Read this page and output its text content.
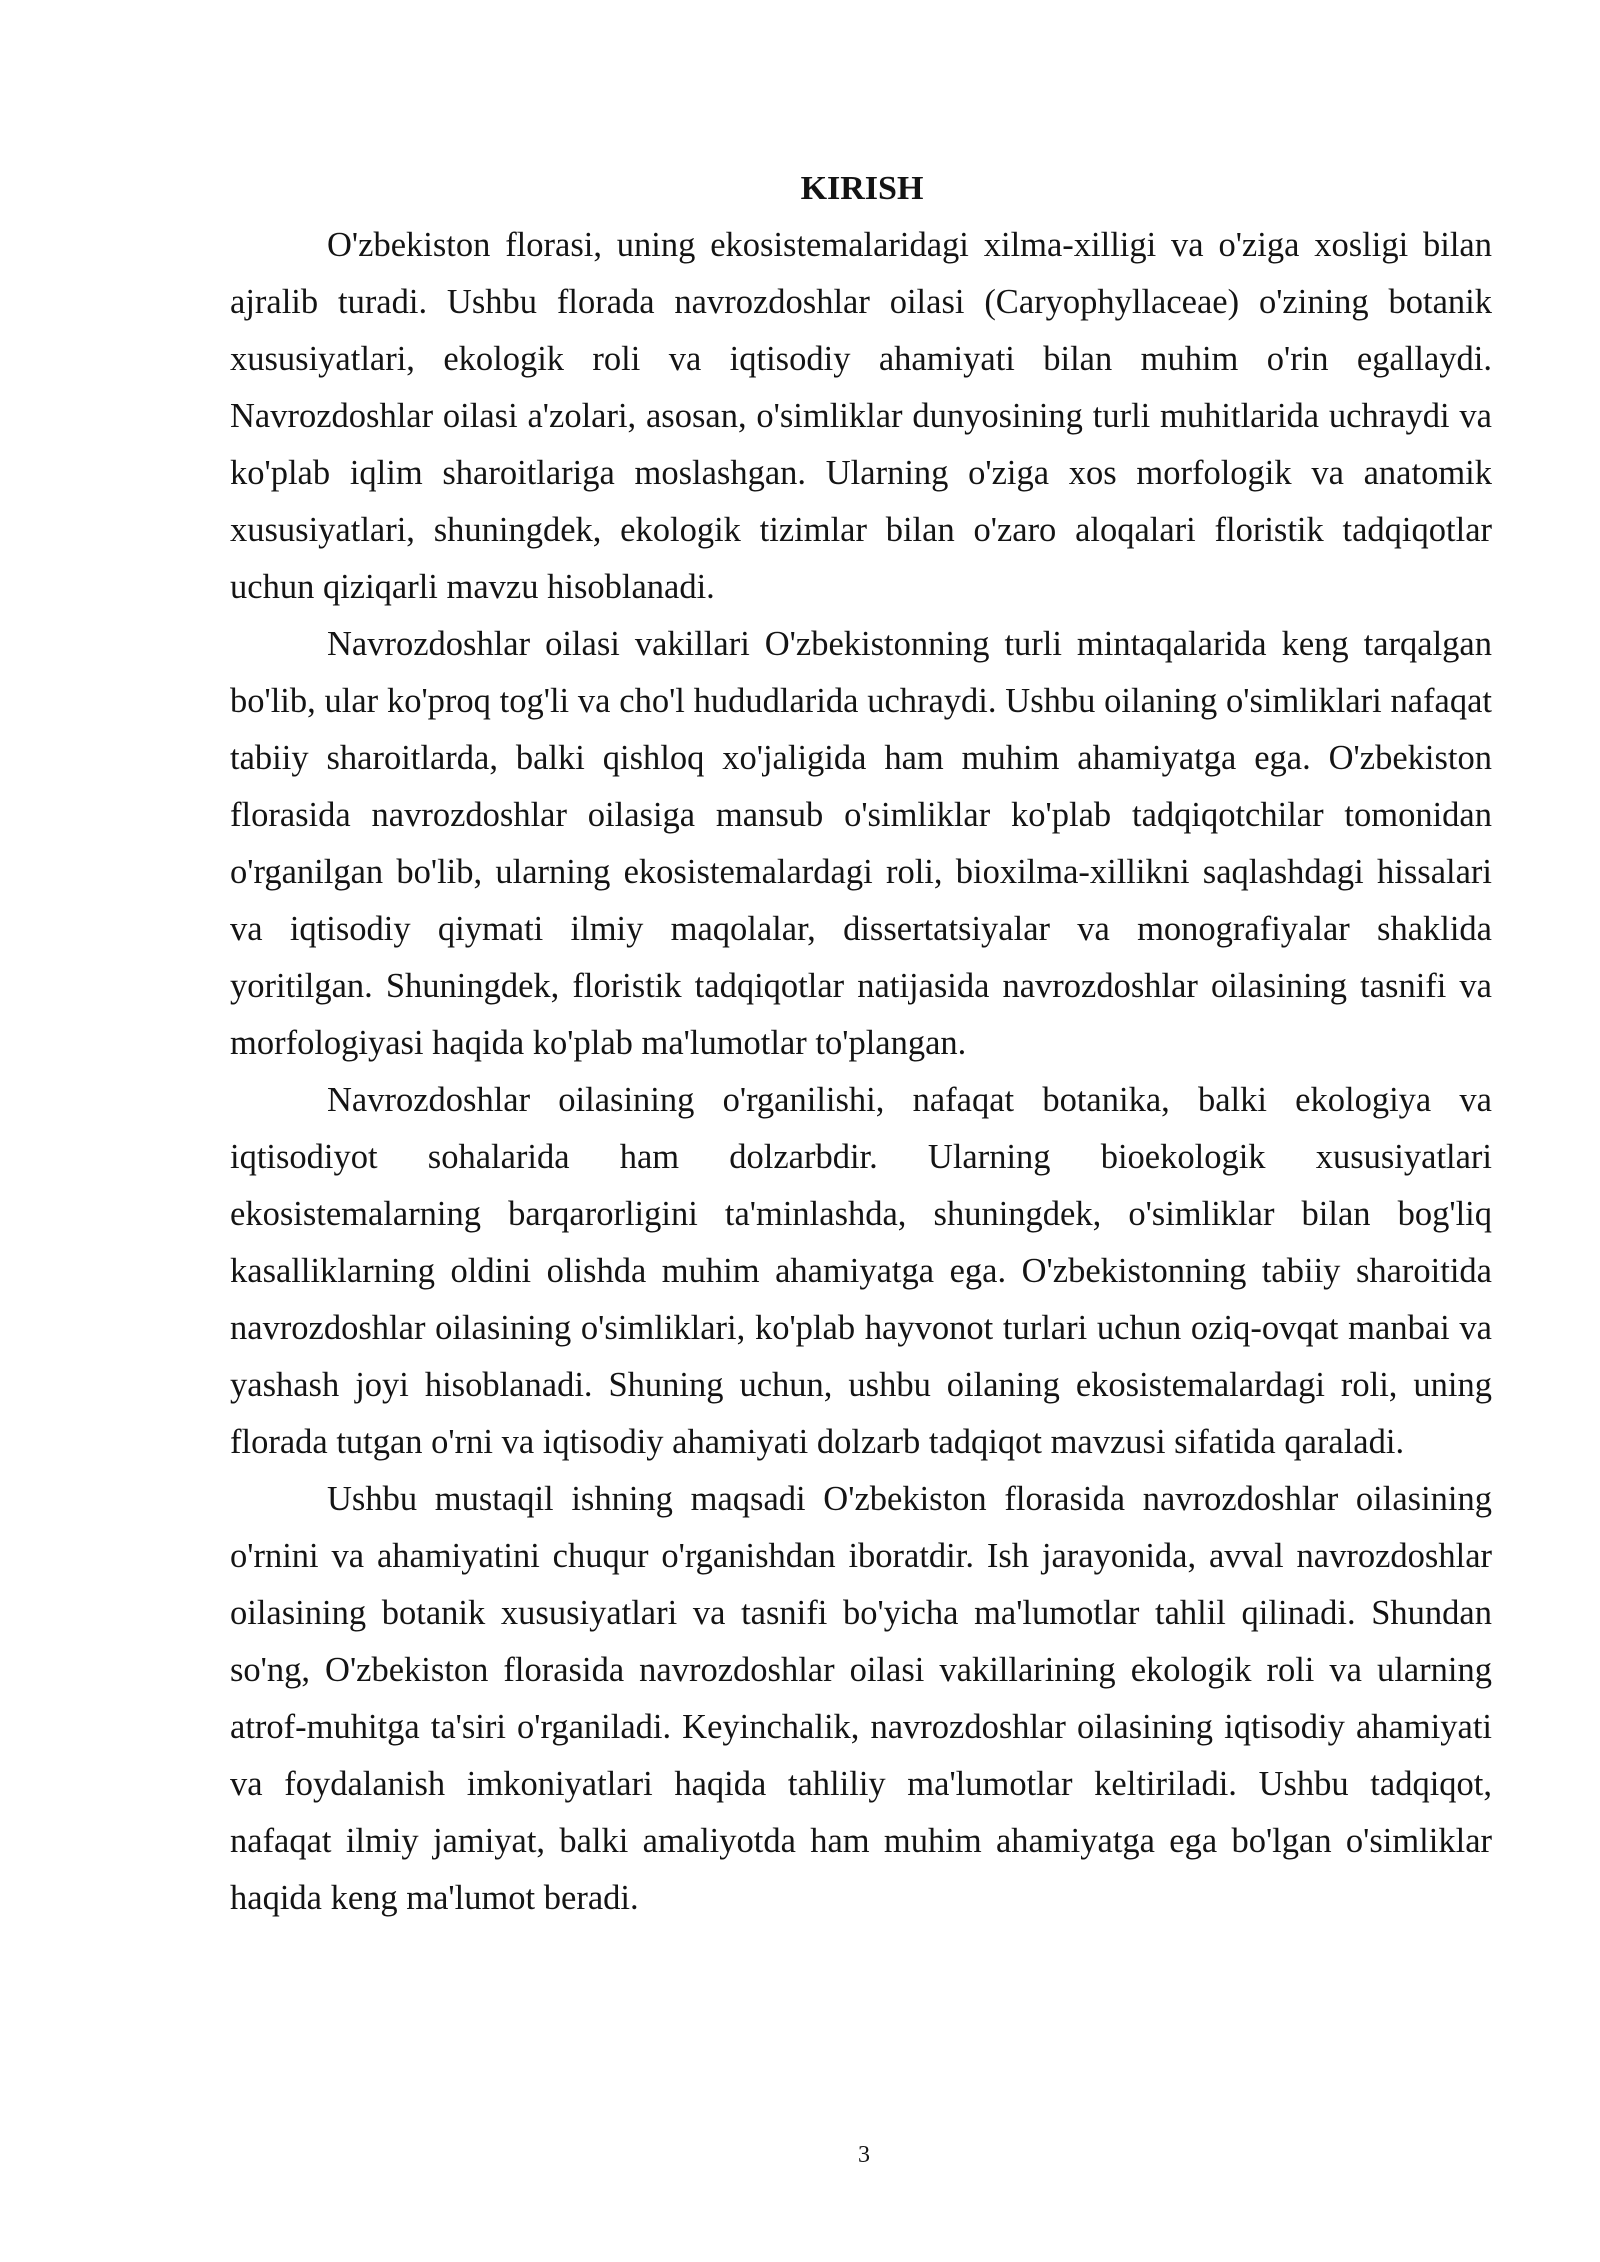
KIRISH

O'zbekiston florasi, uning ekosistemalaridagi xilma-xilligi va o'ziga xosligi bilan ajralib turadi. Ushbu florada navrozdoshlar oilasi (Caryophyllaceae) o'zining botanik xususiyatlari, ekologik roli va iqtisodiy ahamiyati bilan muhim o'rin egallaydi. Navrozdoshlar oilasi a'zolari, asosan, o'simliklar dunyosining turli muhitlarida uchraydi va ko'plab iqlim sharoitlariga moslashgan. Ularning o'ziga xos morfologik va anatomik xususiyatlari, shuningdek, ekologik tizimlar bilan o'zaro aloqalari floristik tadqiqotlar uchun qiziqarli mavzu hisoblanadi.

Navrozdoshlar oilasi vakillari O'zbekistonning turli mintaqalarida keng tarqalgan bo'lib, ular ko'proq tog'li va cho'l hududlarida uchraydi. Ushbu oilaning o'simliklari nafaqat tabiiy sharoitlarda, balki qishloq xo'jaligida ham muhim ahamiyatga ega. O'zbekiston florasida navrozdoshlar oilasiga mansub o'simliklar ko'plab tadqiqotchilar tomonidan o'rganilgan bo'lib, ularning ekosistemalardagi roli, bioxilma-xillikni saqlashdagi hissalari va iqtisodiy qiymati ilmiy maqolalar, dissertatsiyalar va monografiyalar shaklida yoritilgan. Shuningdek, floristik tadqiqotlar natijasida navrozdoshlar oilasining tasnifi va morfologiyasi haqida ko'plab ma'lumotlar to'plangan.

Navrozdoshlar oilasining o'rganilishi, nafaqat botanika, balki ekologiya va iqtisodiyot sohalarida ham dolzarbdir. Ularning bioekologik xususiyatlari ekosistemalarning barqarorligini ta'minlashda, shuningdek, o'simliklar bilan bog'liq kasalliklarning oldini olishda muhim ahamiyatga ega. O'zbekistonning tabiiy sharoitida navrozdoshlar oilasining o'simliklari, ko'plab hayvonot turlari uchun oziq-ovqat manbai va yashash joyi hisoblanadi. Shuning uchun, ushbu oilaning ekosistemalardagi roli, uning florada tutgan o'rni va iqtisodiy ahamiyati dolzarb tadqiqot mavzusi sifatida qaraladi.

Ushbu mustaqil ishning maqsadi O'zbekiston florasida navrozdoshlar oilasining o'rnini va ahamiyatini chuqur o'rganishdan iboratdir. Ish jarayonida, avval navrozdoshlar oilasining botanik xususiyatlari va tasnifi bo'yicha ma'lumotlar tahlil qilinadi. Shundan so'ng, O'zbekiston florasida navrozdoshlar oilasi vakillarining ekologik roli va ularning atrof-muhitga ta'siri o'rganiladi. Keyinchalik, navrozdoshlar oilasining iqtisodiy ahamiyati va foydalanish imkoniyatlari haqida tahliliy ma'lumotlar keltiriladi. Ushbu tadqiqot, nafaqat ilmiy jamiyat, balki amaliyotda ham muhim ahamiyatga ega bo'lgan o'simliklar haqida keng ma'lumot beradi.

3
